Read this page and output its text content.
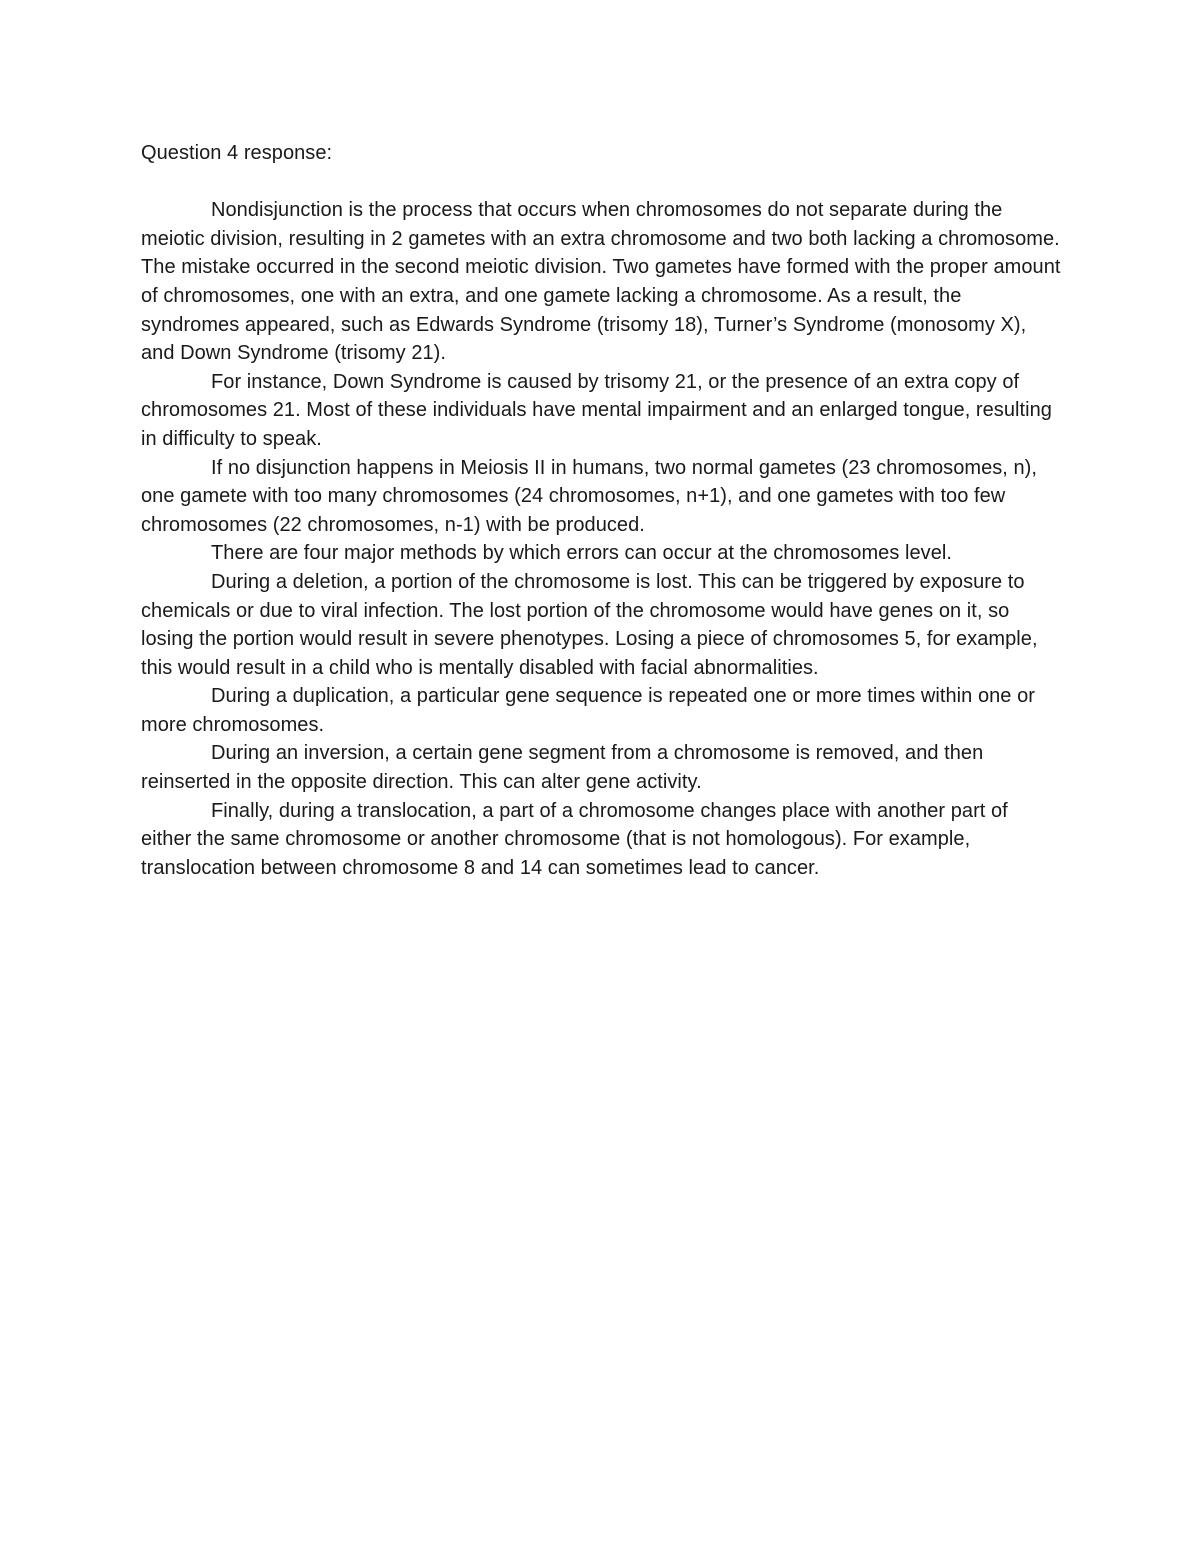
Question 4 response:

Nondisjunction is the process that occurs when chromosomes do not separate during the meiotic division, resulting in 2 gametes with an extra chromosome and two both lacking a chromosome. The mistake occurred in the second meiotic division. Two gametes have formed with the proper amount of chromosomes, one with an extra, and one gamete lacking a chromosome. As a result, the syndromes appeared, such as Edwards Syndrome (trisomy 18), Turner’s Syndrome (monosomy X), and Down Syndrome (trisomy 21).

For instance, Down Syndrome is caused by trisomy 21, or the presence of an extra copy of chromosomes 21. Most of these individuals have mental impairment and an enlarged tongue, resulting in difficulty to speak.

If no disjunction happens in Meiosis II in humans, two normal gametes (23 chromosomes, n), one gamete with too many chromosomes (24 chromosomes, n+1), and one gametes with too few chromosomes (22 chromosomes, n-1) with be produced.

There are four major methods by which errors can occur at the chromosomes level.

During a deletion, a portion of the chromosome is lost. This can be triggered by exposure to chemicals or due to viral infection. The lost portion of the chromosome would have genes on it, so losing the portion would result in severe phenotypes. Losing a piece of chromosomes 5, for example, this would result in a child who is mentally disabled with facial abnormalities.

During a duplication, a particular gene sequence is repeated one or more times within one or more chromosomes.

During an inversion, a certain gene segment from a chromosome is removed, and then reinserted in the opposite direction. This can alter gene activity.

Finally, during a translocation, a part of a chromosome changes place with another part of either the same chromosome or another chromosome (that is not homologous). For example, translocation between chromosome 8 and 14 can sometimes lead to cancer.
